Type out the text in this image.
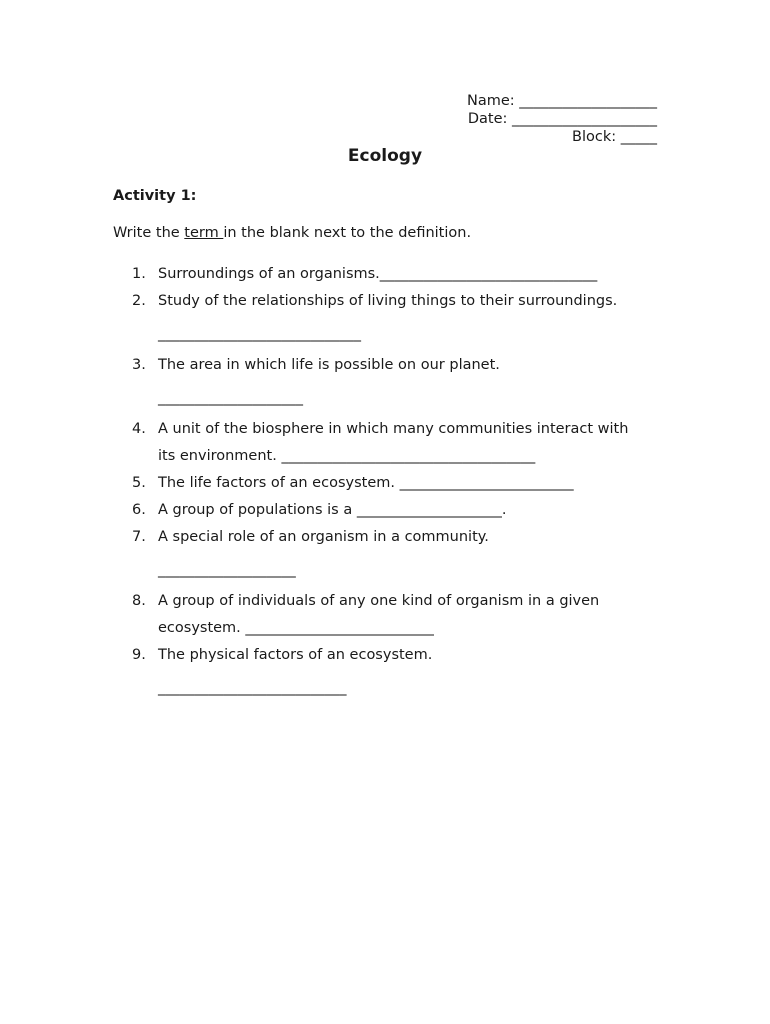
Name: ___________________
Date: ____________________
Block: _____
Ecology
Activity 1:
Write the term in the blank next to the definition.
1. Surroundings of an organisms.______________________________
2. Study of the relationships of living things to their surroundings.
____________________________
3. The area in which life is possible on our planet.
____________________
4. A unit of the biosphere in which many communities interact with
its environment. ___________________________________
5. The life factors of an ecosystem. ________________________
6. A group of populations is a ____________________.
7. A special role of an organism in a community.
___________________
8. A group of individuals of any one kind of organism in a given
ecosystem. __________________________
9. The physical factors of an ecosystem.
__________________________
